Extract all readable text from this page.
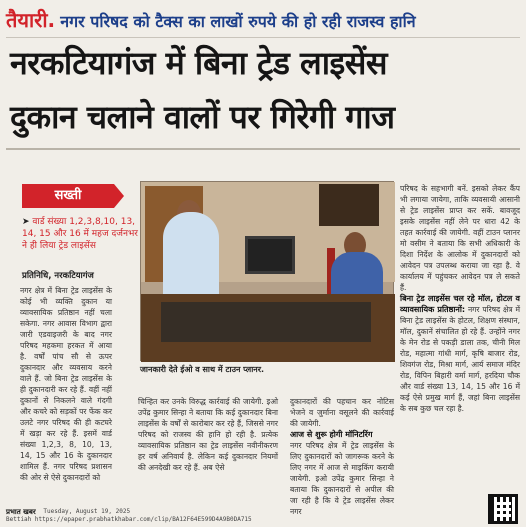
तैयारी. नगर परिषद को टैक्स का लाखों रुपये की हो रही राजस्व हानि
नरकटियागंज में बिना ट्रेड लाइसेंस
दुकान चलाने वालों पर गिरेगी गाज
सख्ती
➤ वार्ड संख्या 1,2,3,8,10, 13, 14, 15 और 16 में महज दर्जनभर ने ही लिया ट्रेड लाइसेंस
प्रतिनिधि, नरकटियागंज
नगर क्षेत्र में बिना ट्रेड लाइसेंस के कोई भी व्यक्ति दुकान या व्यावसायिक प्रतिष्ठान नहीं चला सकेगा. नगर आवास विभाग द्वारा जारी एडवाइजरी के बाद नगर परिषद महकमा हरकत में आया है. वर्षों पांच सौ से ऊपर दुकानदार और व्यवसाय करने वाले हैं. जो बिना ट्रेड लाइसेंस के ही दुकानदारी कर रहे हैं. वहीं नहीं दुकानों से निकलने वाले गंदगी और कचरे को सड़कों पर फेंक कर उलटे नगर परिषद की ही कटघरे में खड़ा कर रहे हैं. इसमें वार्ड संख्या 1,2,3, 8, 10, 13, 14, 15 और 16 के दुकानदार शामिल हैं. नगर परिषद प्रशासन की ओर से ऐसे दुकानदारों को
जानकारी देते ईओ व साथ में टाउन प्लानर.
चिन्हित कर उनके विरुद्ध कार्रवाई की जायेगी. इओ उपेंद्र कुमार सिन्हा ने बताया कि कई दुकानदार बिना लाइसेंस के वर्षों से कारोबार कर रहे हैं, जिससे नगर परिषद को राजस्व की हानि हो रही है. प्रत्येक व्यावसायिक प्रतिष्ठान का ट्रेड लाइसेंस नवीनीकरण हर वर्ष अनिवार्य है. लेकिन कई दुकानदार नियमों की अनदेखी कर रहे हैं. अब ऐसे
दुकानदारों की पहचान कर नोटिस भेजने व जुर्माना वसूलने की कार्रवाई की जायेगी.
आज से शुरू होगी मॉनिटरिंग
नगर परिषद क्षेत्र में ट्रेड लाइसेंस के लिए दुकानदारों को जागरूक करने के लिए नगर में आज से माइकिंग करायी जायेगी. इओ उपेंद्र कुमार सिन्हा ने बताया कि दुकानदारों से अपील की जा रही है कि वे ट्रेड लाइसेंस लेकर नगर
परिषद के सहभागी बनें. इसको लेकर कैंप भी लगाया जायेगा, ताकि व्यवसायी आसानी से ट्रेड लाइसेंस प्राप्त कर सकें. बावजूद इसके लाइसेंस नहीं लेने पर धारा 42 के तहत कार्रवाई की जायेगी. वहीं टाउन प्लानर मो वसीम ने बताया कि सभी अधिकारी के दिशा निर्देश के आलोक में दुकानदारों को आवेदन पत्र उपलब्ध कराया जा रहा है. वे कार्यालय में पहुंचकर आवेदन पत्र ले सकते हैं.
बिना ट्रेड लाइसेंस चल रहे मॉल, होटल व व्यावसायिक प्रतिष्ठानों: नगर परिषद क्षेत्र में बिना ट्रेड लाइसेंस के होटल, शिक्षण संस्थान, मॉल, दुकानें संचालित हो रहे हैं. उन्होंने नगर के मेन रोड से पकड़ी डाला तक, चीनी मिल रोड, महात्मा गांधी मार्ग, कृषि बाजार रोड, शिवगंज रोड, मिश्रा मार्ग, आर्य समाज मंदिर रोड, विपिन बिहारी वर्मा मार्ग, हरदिया चौक और वार्ड संख्या 13, 14, 15 और 16 में कई ऐसे प्रमुख मार्ग हैं, जहां बिना लाइसेंस के सब कुछ चल रहा है.
प्रभात खबर Tuesday, August 19, 2025
Bettiah https://epaper.prabhatkhabar.com/clip/BA12F64E599D4A9B0DA715
